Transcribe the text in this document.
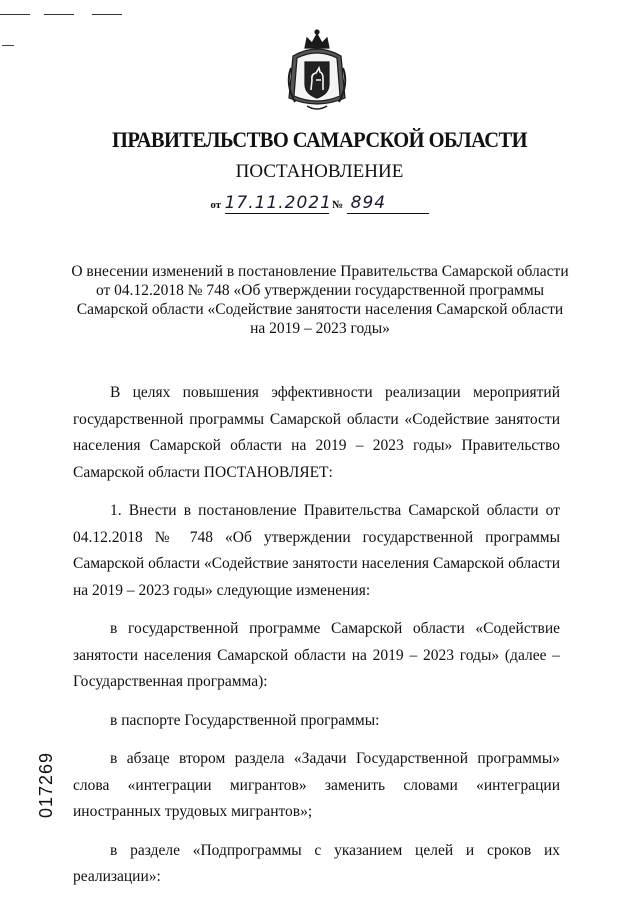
ПРАВИТЕЛЬСТВО САМАРСКОЙ ОБЛАСТИ
ПОСТАНОВЛЕНИЕ
от 17.11.2021 № 894
О внесении изменений в постановление Правительства Самарской области
от 04.12.2018 № 748 «Об утверждении государственной программы
Самарской области «Содействие занятости населения Самарской области
на 2019 – 2023 годы»

В целях повышения эффективности реализации мероприятий государственной программы Самарской области «Содействие занятости населения Самарской области на 2019 – 2023 годы» Правительство Самарской области ПОСТАНОВЛЯЕТ:

1. Внести в постановление Правительства Самарской области от 04.12.2018 № 748 «Об утверждении государственной программы Самарской области «Содействие занятости населения Самарской области на 2019 – 2023 годы» следующие изменения:

в государственной программе Самарской области «Содействие занятости населения Самарской области на 2019 – 2023 годы» (далее – Государственная программа):

в паспорте Государственной программы:

в абзаце втором раздела «Задачи Государственной программы» слова «интеграции мигрантов» заменить словами «интеграции иностранных трудовых мигрантов»;

в разделе «Подпрограммы с указанием целей и сроков их реализации»:

017269
